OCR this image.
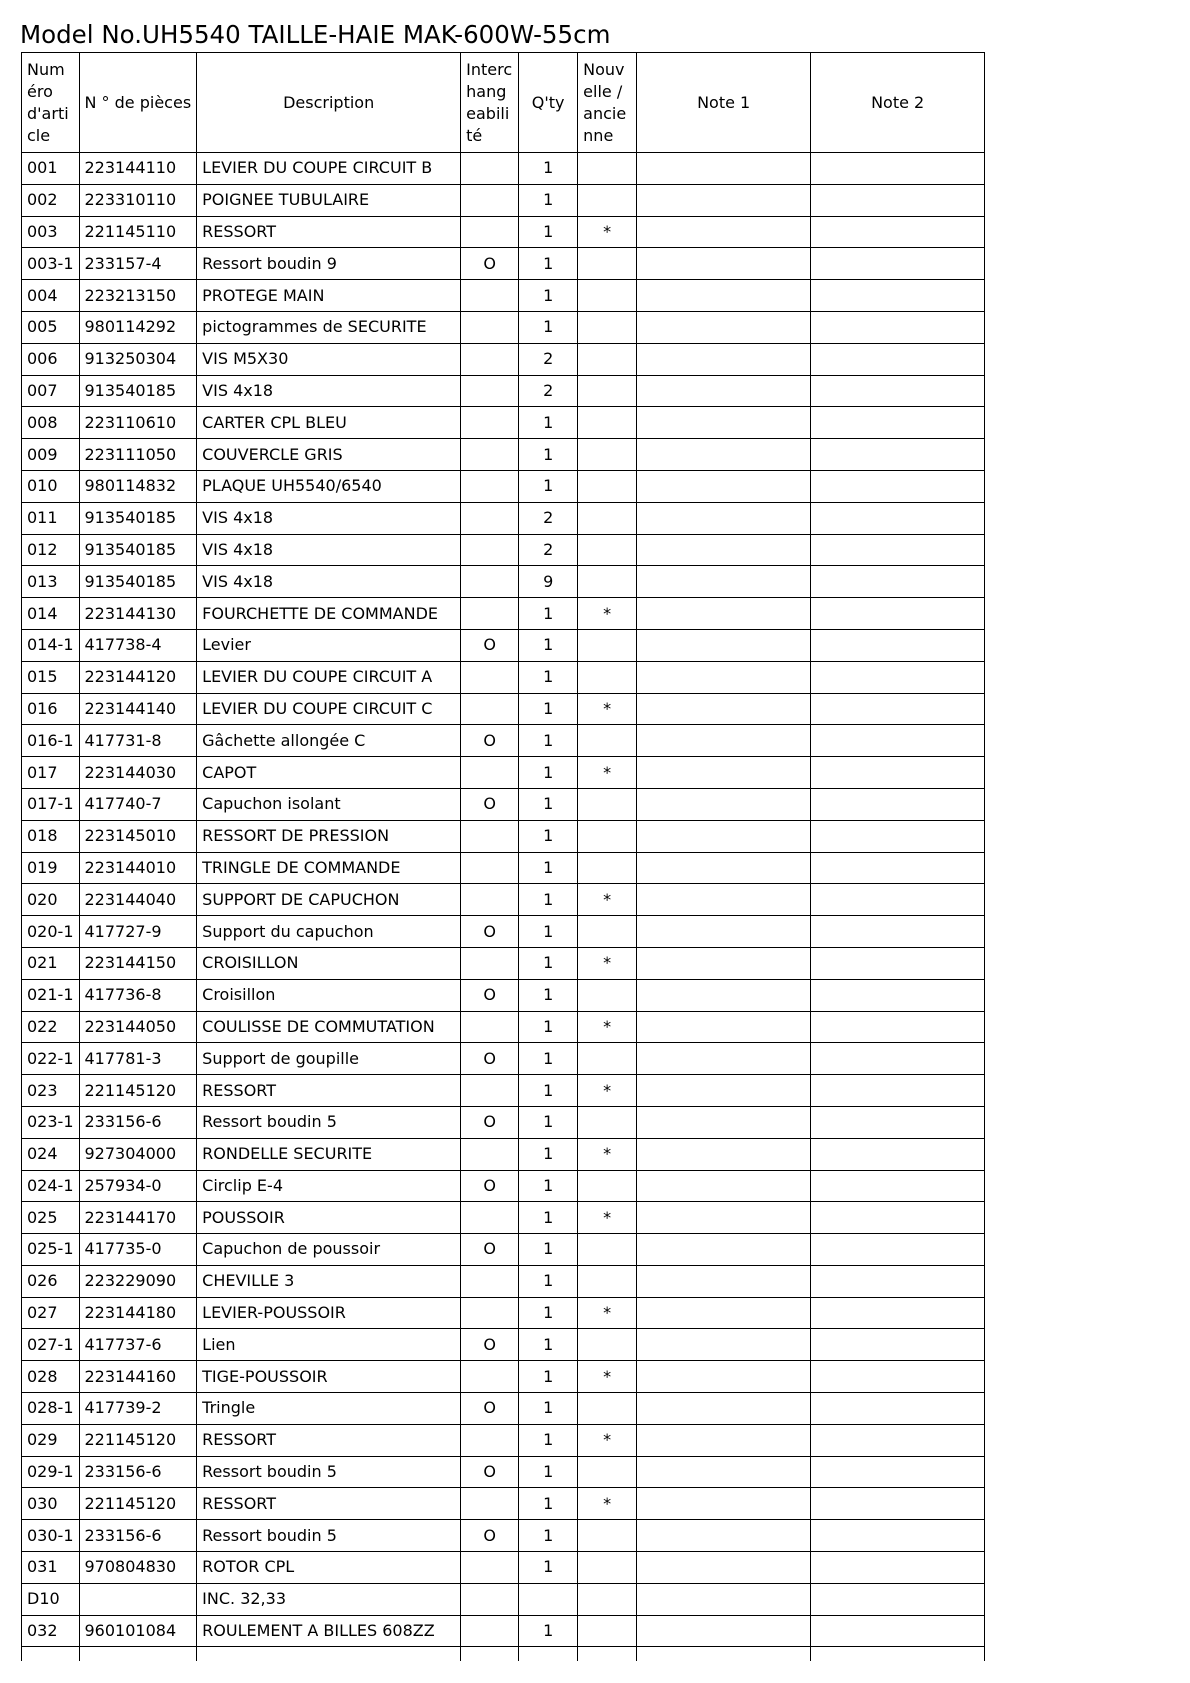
Model No.UH5540 TAILLE-HAIE MAK-600W-55cm
Numéro d'article	N ° de pièces	Description	Interchangeabilité	Q'ty	Nouvelle / ancienne	Note 1	Note 2
001	223144110	LEVIER DU COUPE CIRCUIT B		1			
002	223310110	POIGNEE TUBULAIRE		1			
003	221145110	RESSORT		1	*		
003-1	233157-4	Ressort boudin 9	O	1			
004	223213150	PROTEGE MAIN		1			
005	980114292	pictogrammes de SECURITE		1			
006	913250304	VIS M5X30		2			
007	913540185	VIS 4x18		2			
008	223110610	CARTER CPL BLEU		1			
009	223111050	COUVERCLE GRIS		1			
010	980114832	PLAQUE UH5540/6540		1			
011	913540185	VIS 4x18		2			
012	913540185	VIS 4x18		2			
013	913540185	VIS 4x18		9			
014	223144130	FOURCHETTE DE COMMANDE		1	*		
014-1	417738-4	Levier	O	1			
015	223144120	LEVIER DU COUPE CIRCUIT A		1			
016	223144140	LEVIER DU COUPE CIRCUIT C		1	*		
016-1	417731-8	Gâchette allongée C	O	1			
017	223144030	CAPOT		1	*		
017-1	417740-7	Capuchon isolant	O	1			
018	223145010	RESSORT DE PRESSION		1			
019	223144010	TRINGLE DE COMMANDE		1			
020	223144040	SUPPORT DE CAPUCHON		1	*		
020-1	417727-9	Support du capuchon	O	1			
021	223144150	CROISILLON		1	*		
021-1	417736-8	Croisillon	O	1			
022	223144050	COULISSE DE COMMUTATION		1	*		
022-1	417781-3	Support de goupille	O	1			
023	221145120	RESSORT		1	*		
023-1	233156-6	Ressort boudin 5	O	1			
024	927304000	RONDELLE SECURITE		1	*		
024-1	257934-0	Circlip E-4	O	1			
025	223144170	POUSSOIR		1	*		
025-1	417735-0	Capuchon de poussoir	O	1			
026	223229090	CHEVILLE 3		1			
027	223144180	LEVIER-POUSSOIR		1	*		
027-1	417737-6	Lien	O	1			
028	223144160	TIGE-POUSSOIR		1	*		
028-1	417739-2	Tringle	O	1			
029	221145120	RESSORT		1	*		
029-1	233156-6	Ressort boudin 5	O	1			
030	221145120	RESSORT		1	*		
030-1	233156-6	Ressort boudin 5	O	1			
031	970804830	ROTOR CPL		1			
D10		INC. 32,33					
032	960101084	ROULEMENT A BILLES 608ZZ		1			
